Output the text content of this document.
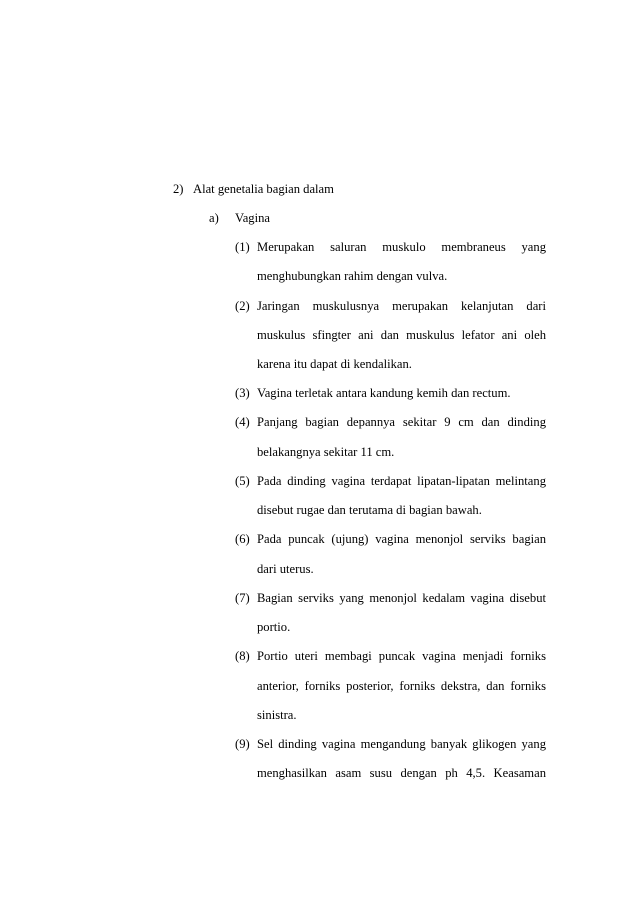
2) Alat genetalia bagian dalam
a) Vagina
(1) Merupakan saluran muskulo membraneus yang
menghubungkan rahim dengan vulva.
(2) Jaringan muskulusnya merupakan kelanjutan dari
muskulus sfingter ani dan muskulus lefator ani oleh
karena itu dapat di kendalikan.
(3) Vagina terletak antara kandung kemih dan rectum.
(4) Panjang bagian depannya sekitar 9 cm dan dinding
belakangnya sekitar 11 cm.
(5) Pada dinding vagina terdapat lipatan-lipatan melintang
disebut rugae dan terutama di bagian bawah.
(6) Pada puncak (ujung) vagina menonjol serviks bagian
dari uterus.
(7) Bagian serviks yang menonjol kedalam vagina disebut
portio.
(8) Portio uteri membagi puncak vagina menjadi forniks
anterior, forniks posterior, forniks dekstra, dan forniks
sinistra.
(9) Sel dinding vagina mengandung banyak glikogen yang
menghasilkan asam susu dengan ph 4,5. Keasaman
